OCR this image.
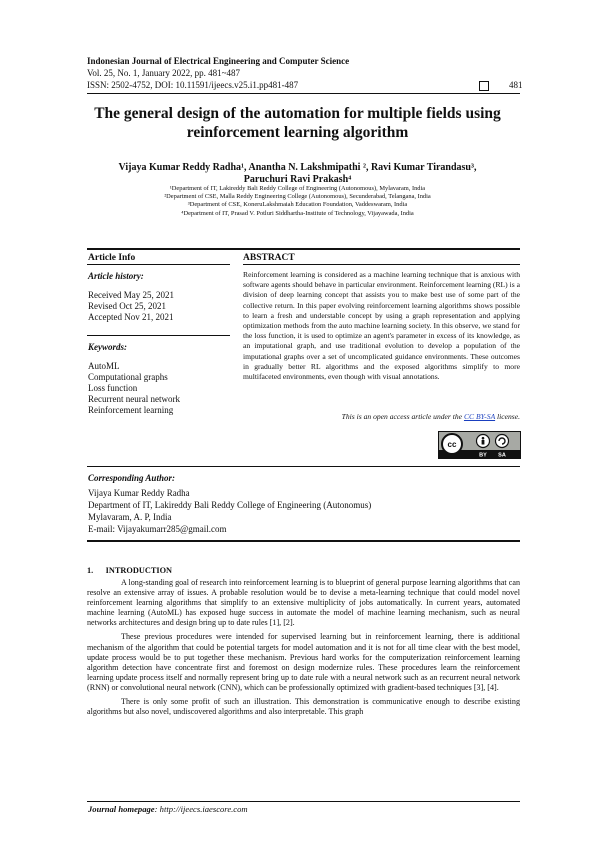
Indonesian Journal of Electrical Engineering and Computer Science
Vol. 25, No. 1, January 2022, pp. 481~487
ISSN: 2502-4752, DOI: 10.11591/ijeecs.v25.i1.pp481-487	481
The general design of the automation for multiple fields using
reinforcement learning algorithm
Vijaya Kumar Reddy Radha¹, Anantha N. Lakshmipathi ², Ravi Kumar Tirandasu³,
Paruchuri Ravi Prakash⁴
¹Department of IT, Lakireddy Bali Reddy College of Engineering (Autonomous), Mylavaram, India
²Department of CSE, Malla Reddy Engineering College (Autonomous), Secunderabad, Telangana, India
³Department of CSE, KoneruLakshmaiah Education Foundation, Vaddeswaram, India
⁴Department of IT, Prasad V. Potluri Siddhartha-Institute of Technology, Vijayawada, India
Article Info	ABSTRACT
Article history:
Received May 25, 2021
Revised Oct 25, 2021
Accepted Nov 21, 2021
Keywords:
AutoML
Computational graphs
Loss function
Recurrent neural network
Reinforcement learning
Reinforcement learning is considered as a machine learning technique that is anxious with software agents should behave in particular environment. Reinforcement learning (RL) is a division of deep learning concept that assists you to make best use of some part of the collective return. In this paper evolving reinforcement learning algorithms shows possible to learn a fresh and understable concept by using a graph representation and applying optimization methods from the auto machine learning society. In this observe, we stand for the loss function, it is used to optimize an agent's parameter in excess of its knowledge, as an imputational graph, and use traditional evolution to develop a population of the imputational graphs over a set of uncomplicated guidance environments. These outcomes in gradually better RL algorithms and the exposed algorithms simplify to more multifaceted environments, even though with visual annotations.
This is an open access article under the CC BY-SA license.
cc
BY SA
Corresponding Author:
Vijaya Kumar Reddy Radha
Department of IT, Lakireddy Bali Reddy College of Engineering (Autonomus)
Mylavaram, A. P, India
E-mail: Vijayakumarr285@gmail.com
1.      INTRODUCTION

A long-standing goal of research into reinforcement learning is to blueprint of general purpose learning algorithms that can resolve an extensive array of issues. A probable resolution would be to devise a meta-learning technique that could model novel reinforcement learning algorithms that simplify to an extensive multiplicity of jobs automatically. In current years, automated machine learning (AutoML) has exposed huge success in automate the model of machine learning mechanism, such as neural networks architectures and design bring up to date rules [1], [2].

These previous procedures were intended for supervised learning but in reinforcement learning, there is additional mechanism of the algorithm that could be potential targets for model automation and it is not for all time clear with the best model, update process would be to put together these mechanism. Previous hard works for the computerization reinforcement learning algorithm detection have concentrate first and foremost on design modernize rules. These procedures learn the reinforcement learning update process itself and normally represent bring up to date rule with a neural network such as an recurrent neural network (RNN) or convolutional neural network (CNN), which can be professionally optimized with gradient-based techniques [3], [4].

There is only some profit of such an illustration. This demonstration is communicative enough to describe existing algorithms but also novel, undiscovered algorithms and also interpretable. This graph

Journal homepage: http://ijeecs.iaescore.com
